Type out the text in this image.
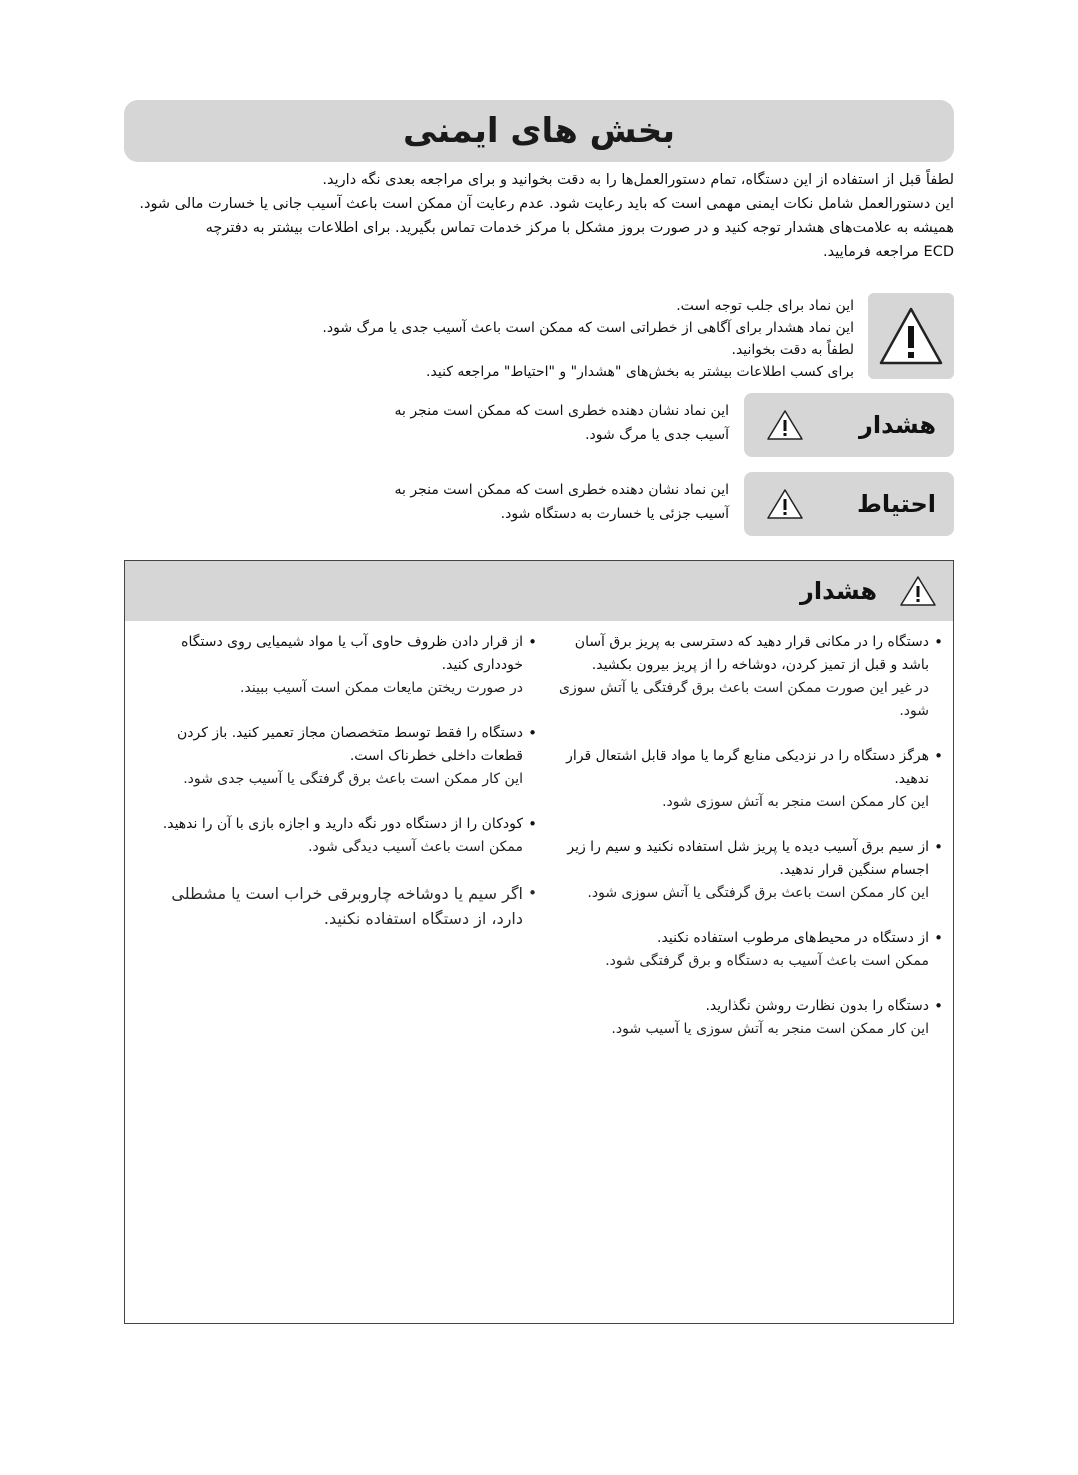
بخش های ایمنی

لطفاً قبل از استفاده از این دستگاه، تمام دستورالعمل‌ها را به دقت بخوانید و برای مراجعه بعدی نگه دارید.

این دستورالعمل شامل نکات ایمنی مهمی است که باید رعایت شود. عدم رعایت آن ممکن است باعث آسیب جانی یا خسارت مالی شود.

همیشه به علامت‌های هشدار توجه کنید و در صورت بروز مشکل با مرکز خدمات تماس بگیرید. برای اطلاعات بیشتر به دفترچه

ECD مراجعه فرمایید.

این نماد برای جلب توجه است.

این نماد هشدار برای آگاهی از خطراتی است که ممکن است باعث آسیب جدی یا مرگ شود.

لطفاً به دقت بخوانید.

برای کسب اطلاعات بیشتر به بخش‌های "هشدار" و "احتیاط" مراجعه کنید.

این نماد نشان دهنده خطری است که ممکن است منجر به

آسیب جدی یا مرگ شود.	هشدار

این نماد نشان دهنده خطری است که ممکن است منجر به

آسیب جزئی یا خسارت به دستگاه شود.	احتیاط
هشدار

دستگاه را در مکانی قرار دهید که دسترسی به پریز برق آسان باشد و قبل از تمیز کردن، دوشاخه را از پریز بیرون بکشید. •

در غیر این صورت ممکن است باعث برق گرفتگی یا آتش سوزی شود.

هرگز دستگاه را در نزدیکی منابع گرما یا مواد قابل اشتعال قرار ندهید. •

این کار ممکن است منجر به آتش سوزی شود.

از سیم برق آسیب دیده یا پریز شل استفاده نکنید و سیم را زیر اجسام سنگین قرار ندهید. •

این کار ممکن است باعث برق گرفتگی یا آتش سوزی شود.

از دستگاه در محیط‌های مرطوب استفاده نکنید. •

ممکن است باعث آسیب به دستگاه و برق گرفتگی شود.

دستگاه را بدون نظارت روشن نگذارید. •

این کار ممکن است منجر به آتش سوزی یا آسیب شود.

از قرار دادن ظروف حاوی آب یا مواد شیمیایی روی دستگاه خودداری کنید. •

در صورت ریختن مایعات ممکن است آسیب ببیند.

دستگاه را فقط توسط متخصصان مجاز تعمیر کنید. باز کردن قطعات داخلی خطرناک است. •

این کار ممکن است باعث برق گرفتگی یا آسیب جدی شود.

کودکان را از دستگاه دور نگه دارید و اجازه بازی با آن را ندهید. •

ممکن است باعث آسیب دیدگی شود.

اگر سیم یا دوشاخه چاروبرقی خراب است یا مشطلی دارد، از دستگاه استفاده نکنید. •
